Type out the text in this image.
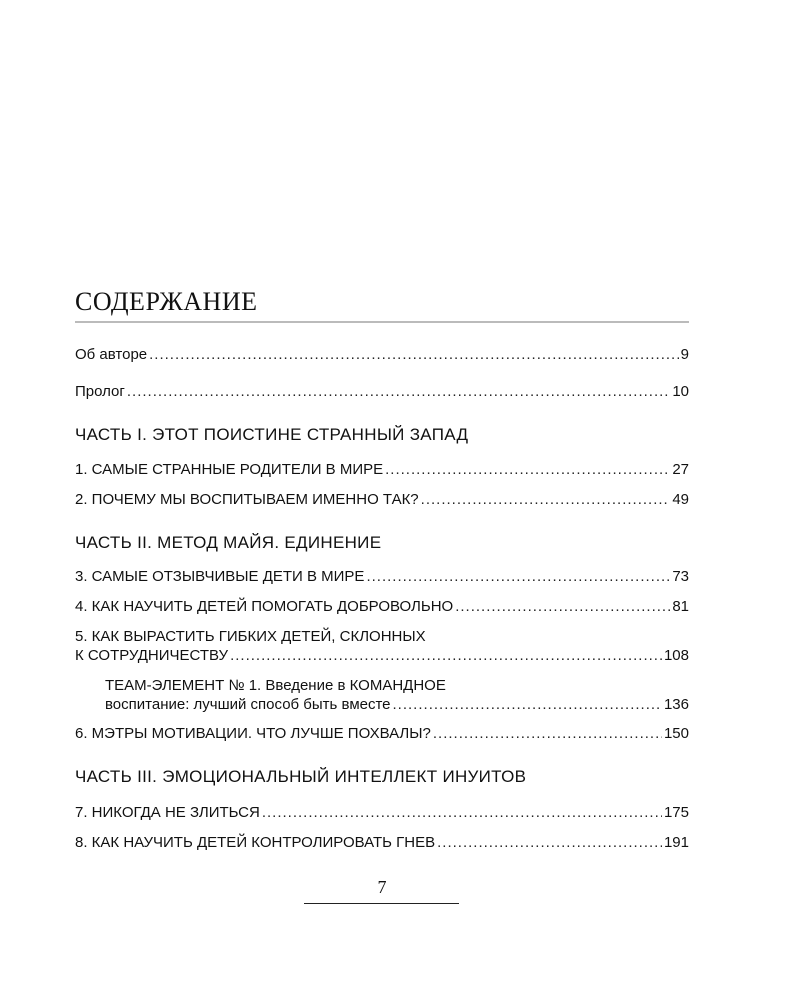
СОДЕРЖАНИЕ
Об авторе .....	9
Пролог .....	10
ЧАСТЬ I. ЭТОТ ПОИСТИНЕ СТРАННЫЙ ЗАПАД
1. САМЫЕ СТРАННЫЕ РОДИТЕЛИ В МИРЕ .....	27
2. ПОЧЕМУ МЫ ВОСПИТЫВАЕМ ИМЕННО ТАК? .....	49
ЧАСТЬ II. МЕТОД МАЙЯ. ЕДИНЕНИЕ
3. САМЫЕ ОТЗЫВЧИВЫЕ ДЕТИ В МИРЕ .....	73
4. КАК НАУЧИТЬ ДЕТЕЙ ПОМОГАТЬ ДОБРОВОЛЬНО .....	81
5. КАК ВЫРАСТИТЬ ГИБКИХ ДЕТЕЙ, СКЛОННЫХ
К СОТРУДНИЧЕСТВУ .....	108
TEAM-ЭЛЕМЕНТ № 1. Введение в КОМАНДНОЕ
воспитание: лучший способ быть вместе .....	136
6. МЭТРЫ МОТИВАЦИИ. ЧТО ЛУЧШЕ ПОХВАЛЫ? .....	150
ЧАСТЬ III. ЭМОЦИОНАЛЬНЫЙ ИНТЕЛЛЕКТ ИНУИТОВ
7. НИКОГДА НЕ ЗЛИТЬСЯ .....	175
8. КАК НАУЧИТЬ ДЕТЕЙ КОНТРОЛИРОВАТЬ ГНЕВ .....	191
7
